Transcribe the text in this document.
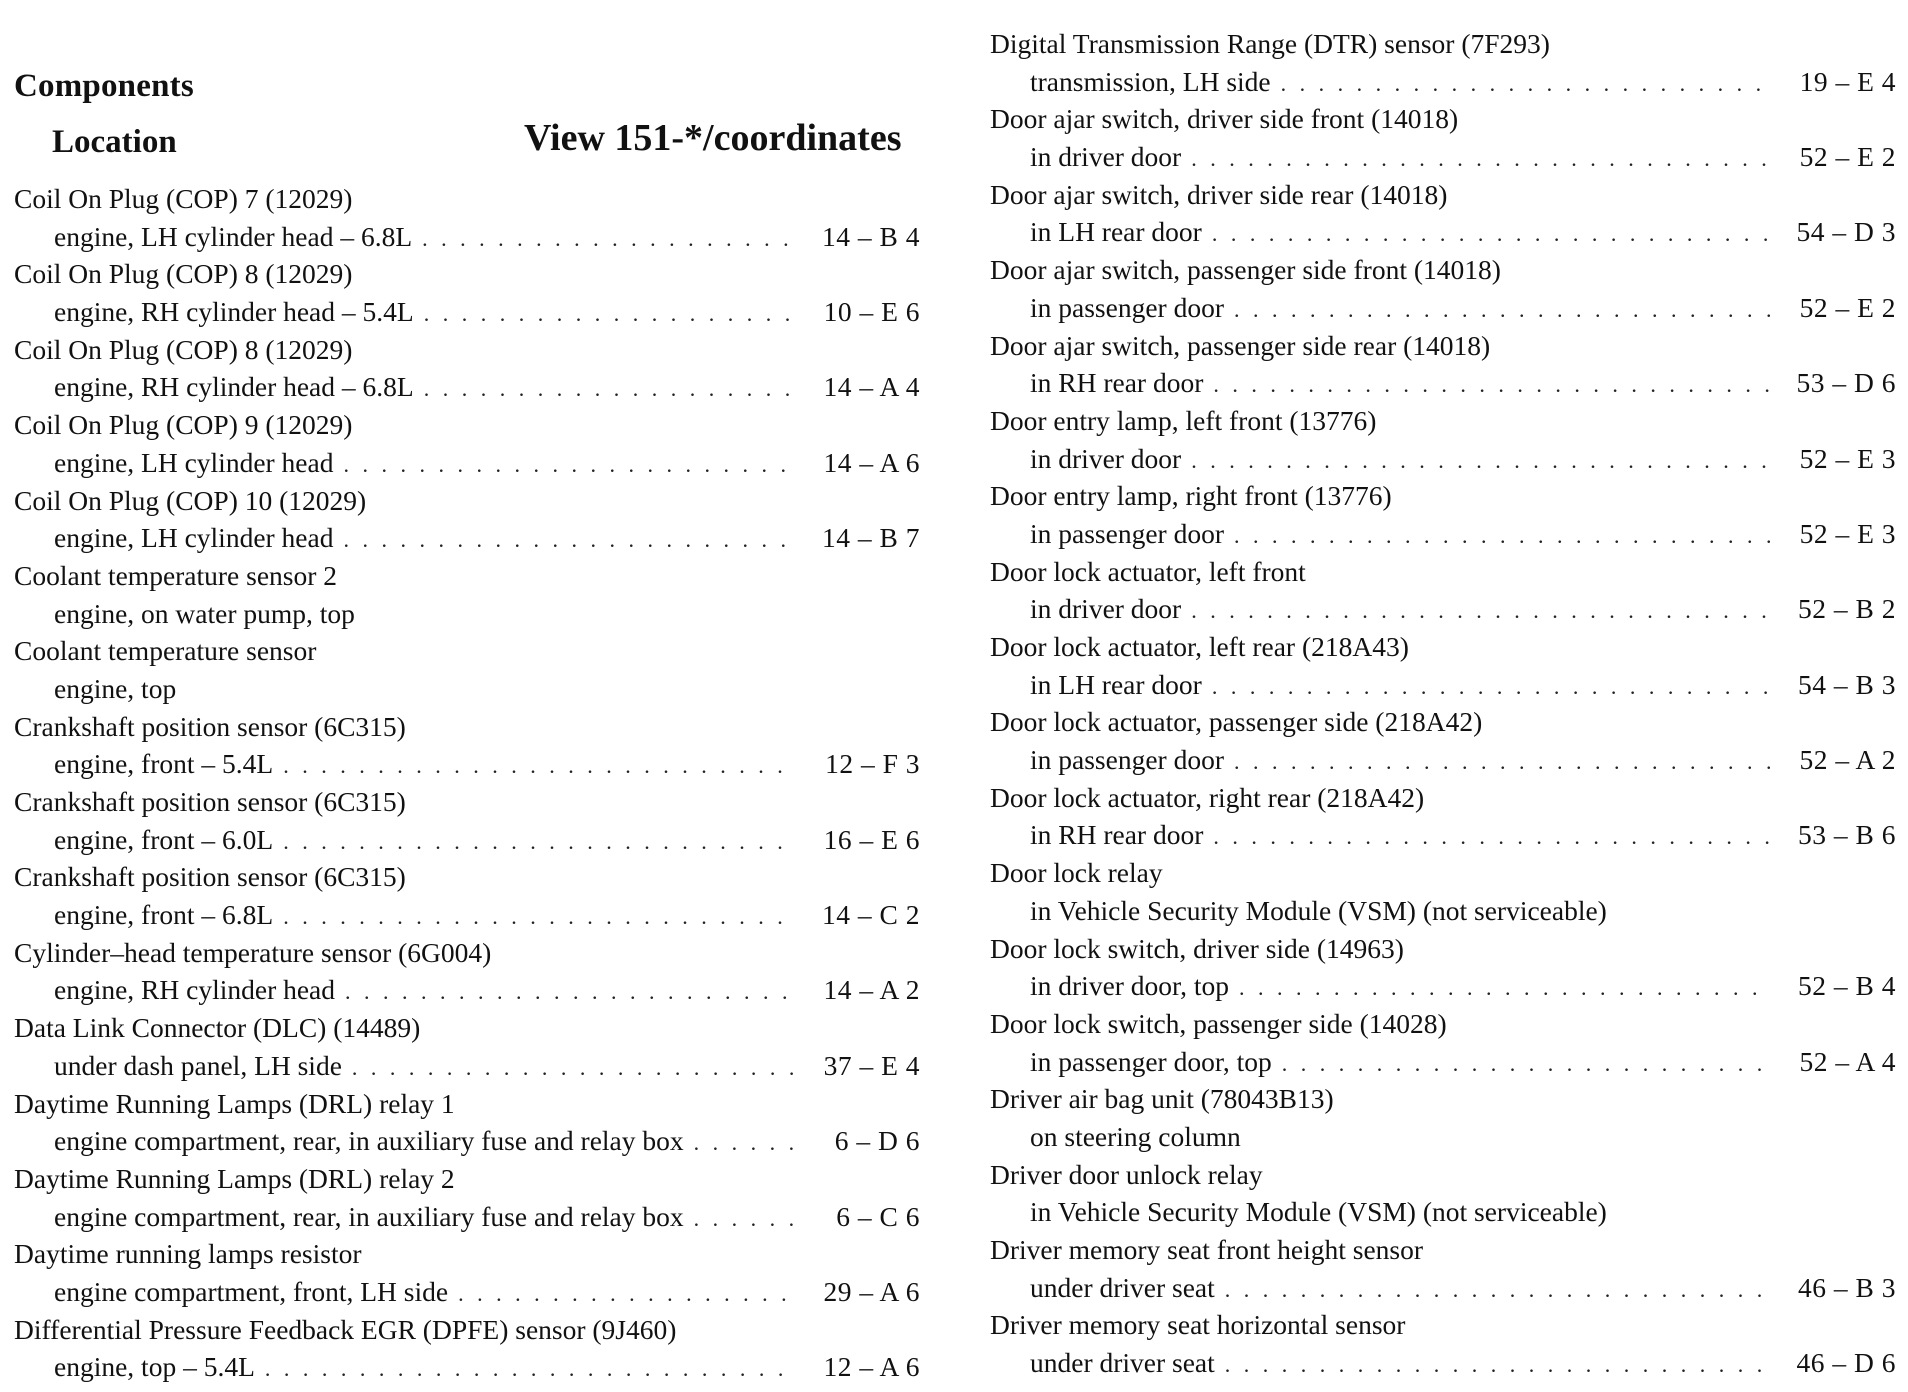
Components
Location	View 151-*/coordinates
Coil On Plug (COP) 7 (12029)
engine, LH cylinder head – 6.8L . . .	14 – B 4
Coil On Plug (COP) 8 (12029)
engine, RH cylinder head – 5.4L . . .	10 – E 6
Coil On Plug (COP) 8 (12029)
engine, RH cylinder head – 6.8L . . .	14 – A 4
Coil On Plug (COP) 9 (12029)
engine, LH cylinder head . . .	14 – A 6
Coil On Plug (COP) 10 (12029)
engine, LH cylinder head . . .	14 – B 7
Coolant temperature sensor 2
engine, on water pump, top
Coolant temperature sensor
engine, top
Crankshaft position sensor (6C315)
engine, front – 5.4L . . .	12 – F 3
Crankshaft position sensor (6C315)
engine, front – 6.0L . . .	16 – E 6
Crankshaft position sensor (6C315)
engine, front – 6.8L . . .	14 – C 2
Cylinder–head temperature sensor (6G004)
engine, RH cylinder head . . .	14 – A 2
Data Link Connector (DLC) (14489)
under dash panel, LH side . . .	37 – E 4
Daytime Running Lamps (DRL) relay 1
engine compartment, rear, in auxiliary fuse and relay box . . .	6 – D 6
Daytime Running Lamps (DRL) relay 2
engine compartment, rear, in auxiliary fuse and relay box . . .	6 – C 6
Daytime running lamps resistor
engine compartment, front, LH side . . .	29 – A 6
Differential Pressure Feedback EGR (DPFE) sensor (9J460)
engine, top – 5.4L . . .	12 – A 6
Digital Transmission Range (DTR) sensor (7F293)
transmission, LH side . . .	19 – E 4
Door ajar switch, driver side front (14018)
in driver door . . .	52 – E 2
Door ajar switch, driver side rear (14018)
in LH rear door . . .	54 – D 3
Door ajar switch, passenger side front (14018)
in passenger door . . .	52 – E 2
Door ajar switch, passenger side rear (14018)
in RH rear door . . .	53 – D 6
Door entry lamp, left front (13776)
in driver door . . .	52 – E 3
Door entry lamp, right front (13776)
in passenger door . . .	52 – E 3
Door lock actuator, left front
in driver door . . .	52 – B 2
Door lock actuator, left rear (218A43)
in LH rear door . . .	54 – B 3
Door lock actuator, passenger side (218A42)
in passenger door . . .	52 – A 2
Door lock actuator, right rear (218A42)
in RH rear door . . .	53 – B 6
Door lock relay
in Vehicle Security Module (VSM) (not serviceable)
Door lock switch, driver side (14963)
in driver door, top . . .	52 – B 4
Door lock switch, passenger side (14028)
in passenger door, top . . .	52 – A 4
Driver air bag unit (78043B13)
on steering column
Driver door unlock relay
in Vehicle Security Module (VSM) (not serviceable)
Driver memory seat front height sensor
under driver seat . . .	46 – B 3
Driver memory seat horizontal sensor
under driver seat . . .	46 – D 6
